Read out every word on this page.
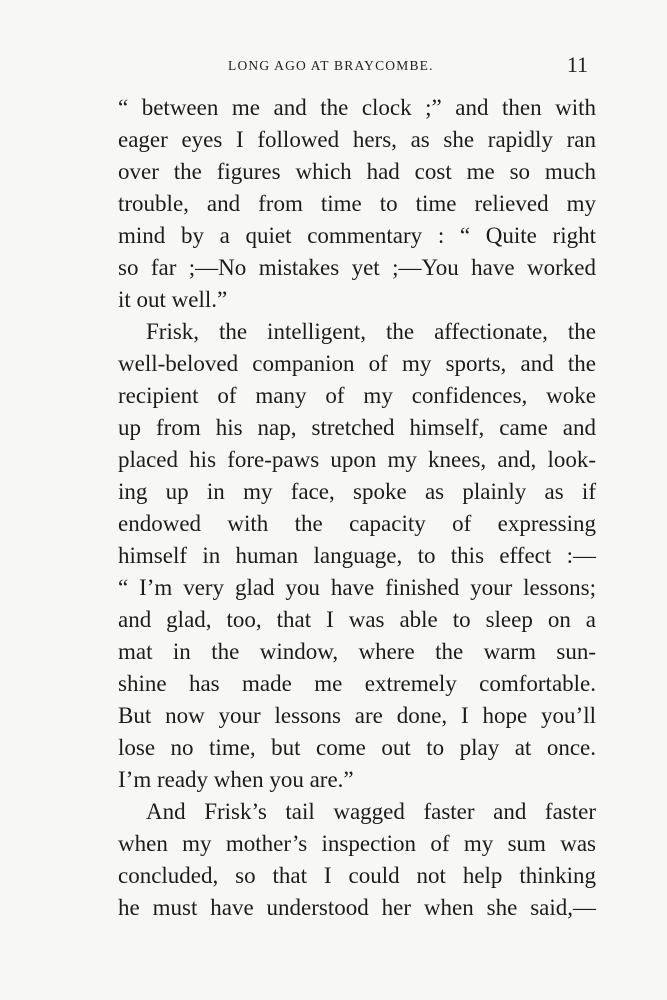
LONG AGO AT BRAYCOMBE.	11

“ between me and the clock ;” and then with
eager eyes I followed hers, as she rapidly ran
over the figures which had cost me so much
trouble, and from time to time relieved my
mind by a quiet commentary : “ Quite right
so far ;—No mistakes yet ;—You have worked
it out well.”

Frisk, the intelligent, the affectionate, the
well-beloved companion of my sports, and the
recipient of many of my confidences, woke
up from his nap, stretched himself, came and
placed his fore-paws upon my knees, and, look-
ing up in my face, spoke as plainly as if
endowed with the capacity of expressing
himself in human language, to this effect :—
“ I’m very glad you have finished your lessons;
and glad, too, that I was able to sleep on a
mat in the window, where the warm sun-
shine has made me extremely comfortable.
But now your lessons are done, I hope you’ll
lose no time, but come out to play at once.
I’m ready when you are.”

And Frisk’s tail wagged faster and faster
when my mother’s inspection of my sum was
concluded, so that I could not help thinking
he must have understood her when she said,—
